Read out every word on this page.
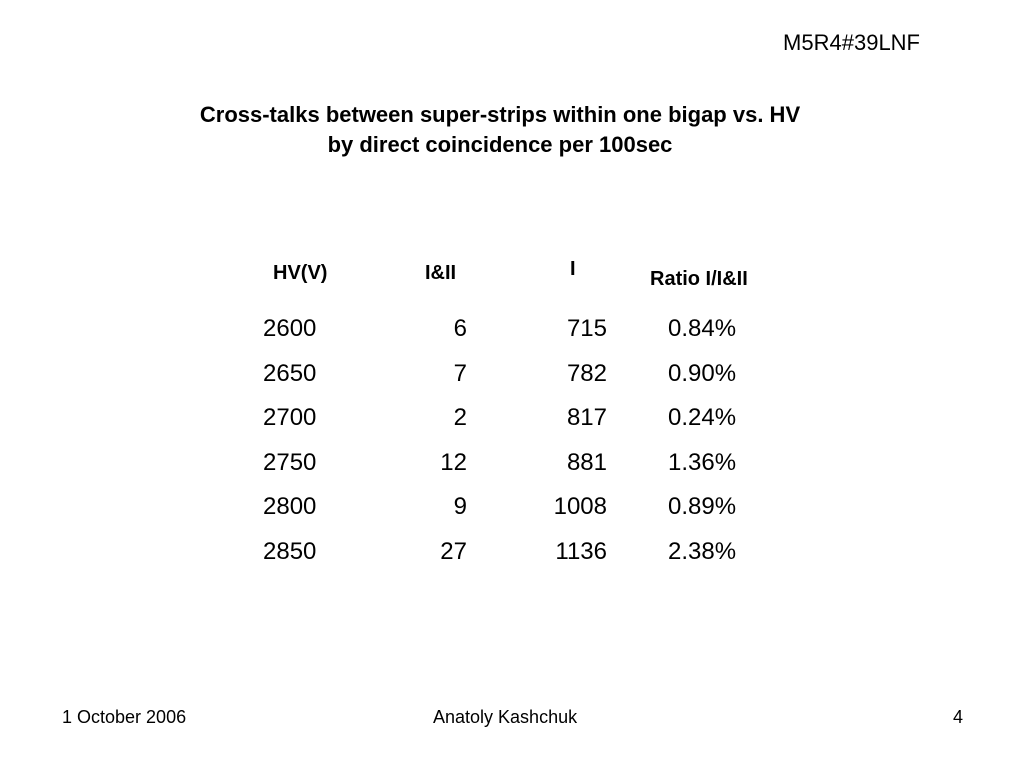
M5R4#39LNF
Cross-talks between super-strips within one bigap vs. HV
by direct coincidence per 100sec
HV(V)	I&II	I	Ratio I/I&II
2600	6	715	0.84%
2650	7	782	0.90%
2700	2	817	0.24%
2750	12	881	1.36%
2800	9	1008	0.89%
2850	27	1136	2.38%
1 October 2006	Anatoly Kashchuk	4
